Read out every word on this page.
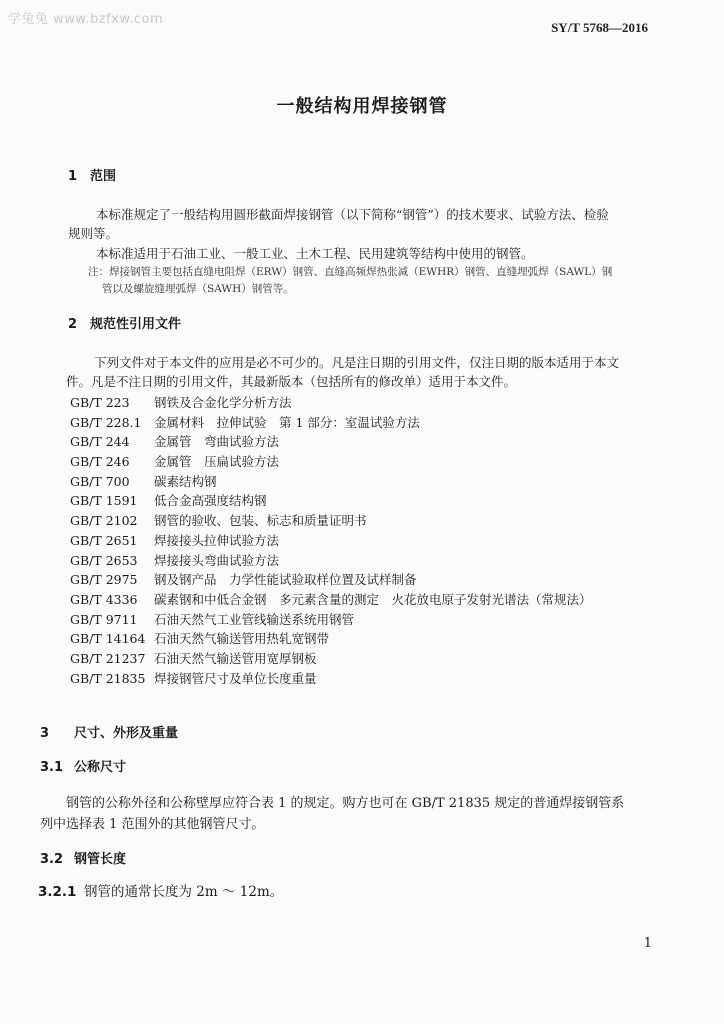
学兔兔 www.bzfxw.com
SY/T 5768—2016
一般结构用焊接钢管
1 范围
本标准规定了一般结构用圆形截面焊接钢管（以下简称“钢管”）的技术要求、试验方法、检验
规则等。
本标准适用于石油工业、一般工业、土木工程、民用建筑等结构中使用的钢管。
注：焊接钢管主要包括直缝电阻焊（ERW）钢管、直缝高频焊热张减（EWHR）钢管、直缝埋弧焊（SAWL）钢
管以及螺旋缝埋弧焊（SAWH）钢管等。
2 规范性引用文件
下列文件对于本文件的应用是必不可少的。凡是注日期的引用文件，仅注日期的版本适用于本文
件。凡是不注日期的引用文件，其最新版本（包括所有的修改单）适用于本文件。
GB/T 223 钢铁及合金化学分析方法
GB/T 228.1 金属材料　拉伸试验　第 1 部分：室温试验方法
GB/T 244 金属管　弯曲试验方法
GB/T 246 金属管　压扁试验方法
GB/T 700 碳素结构钢
GB/T 1591 低合金高强度结构钢
GB/T 2102 钢管的验收、包装、标志和质量证明书
GB/T 2651 焊接接头拉伸试验方法
GB/T 2653 焊接接头弯曲试验方法
GB/T 2975 钢及钢产品　力学性能试验取样位置及试样制备
GB/T 4336 碳素钢和中低合金钢　多元素含量的测定　火花放电原子发射光谱法（常规法）
GB/T 9711 石油天然气工业管线输送系统用钢管
GB/T 14164 石油天然气输送管用热轧宽钢带
GB/T 21237 石油天然气输送管用宽厚钢板
GB/T 21835 焊接钢管尺寸及单位长度重量
3 尺寸、外形及重量
3.1 公称尺寸
钢管的公称外径和公称壁厚应符合表 1 的规定。购方也可在 GB/T 21835 规定的普通焊接钢管系
列中选择表 1 范围外的其他钢管尺寸。
3.2 钢管长度
3.2.1 钢管的通常长度为 2m ～ 12m。
1
